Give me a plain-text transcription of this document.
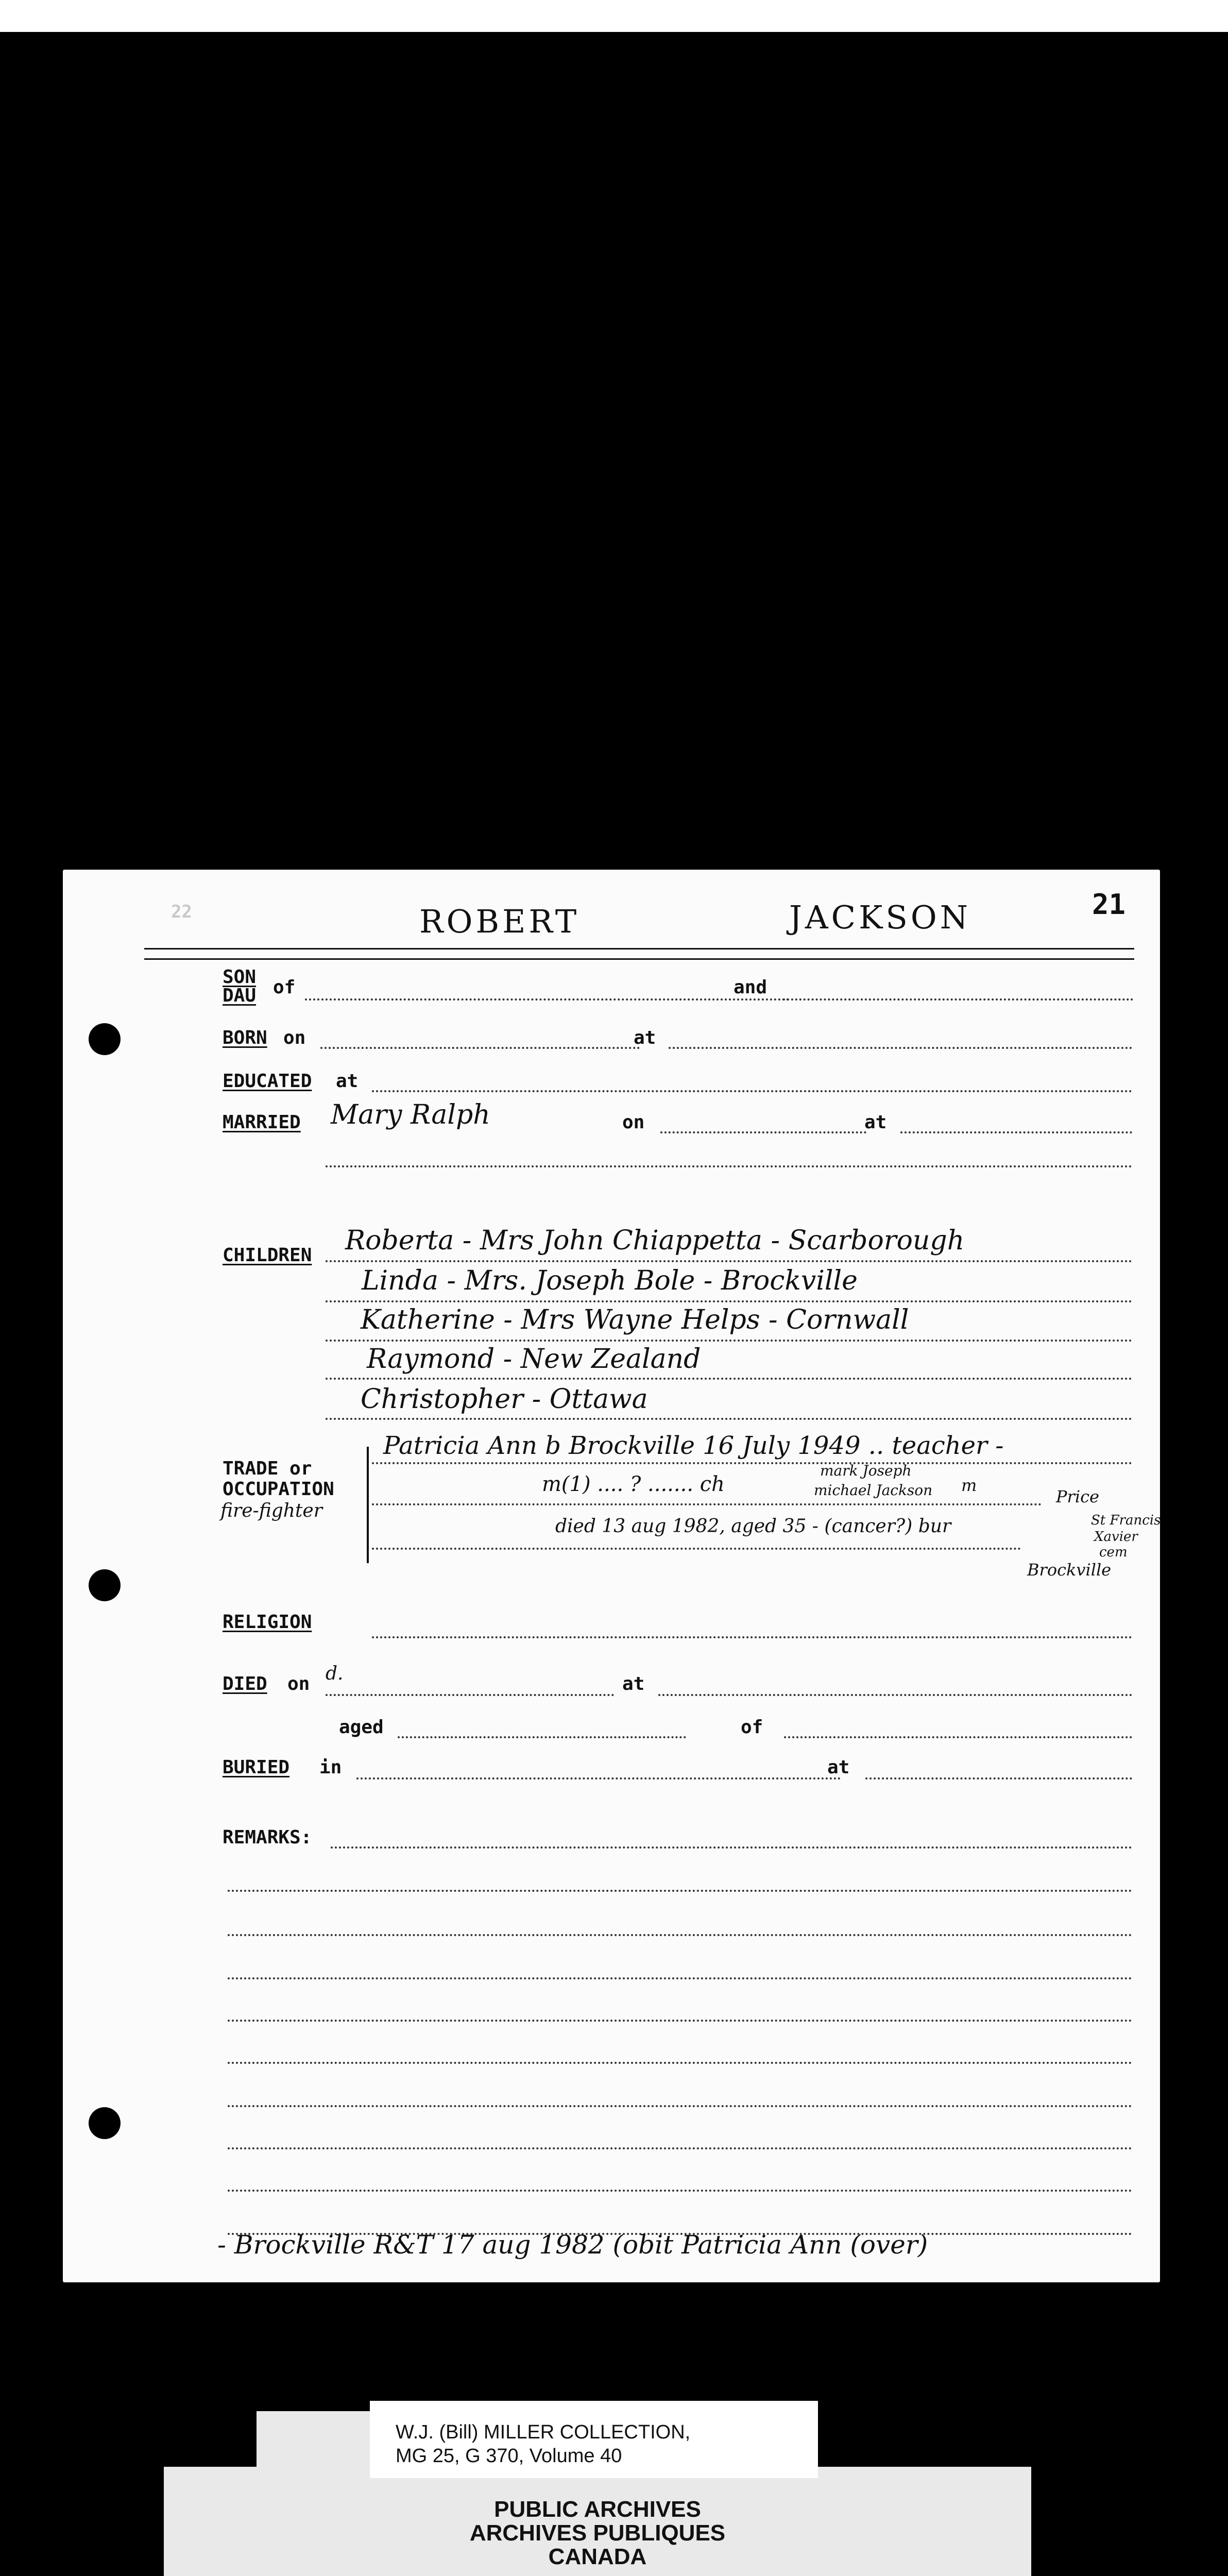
22	ROBERT	JACKSON	21
SON
DAU of	and
BORN on	at
EDUCATED at
MARRIED Mary Ralph	on	at
CHILDREN Roberta - Mrs John Chiappetta - Scarborough
Linda - Mrs. Joseph Bole - Brockville
Katherine - Mrs Wayne Helps - Cornwall
Raymond - New Zealand
Christopher - Ottawa
TRADE or
OCCUPATION
fire-fighter
Patricia Ann b Brockville 16 July 1949 .. teacher -
m(1) .... ? ....... ch
mark Joseph
michael Jackson m
Price
died 13 aug 1982, aged 35 - (cancer?) bur	St Francis
Xavier
cem
Brockville
RELIGION
DIED on d.	at
aged	of
BURIED in	at
REMARKS:
- Brockville R&T 17 aug 1982 (obit Patricia Ann (over)
PUBLIC ARCHIVES
ARCHIVES PUBLIQUES
CANADA
W.J. (Bill) MILLER COLLECTION,
MG 25, G 370, Volume 40
